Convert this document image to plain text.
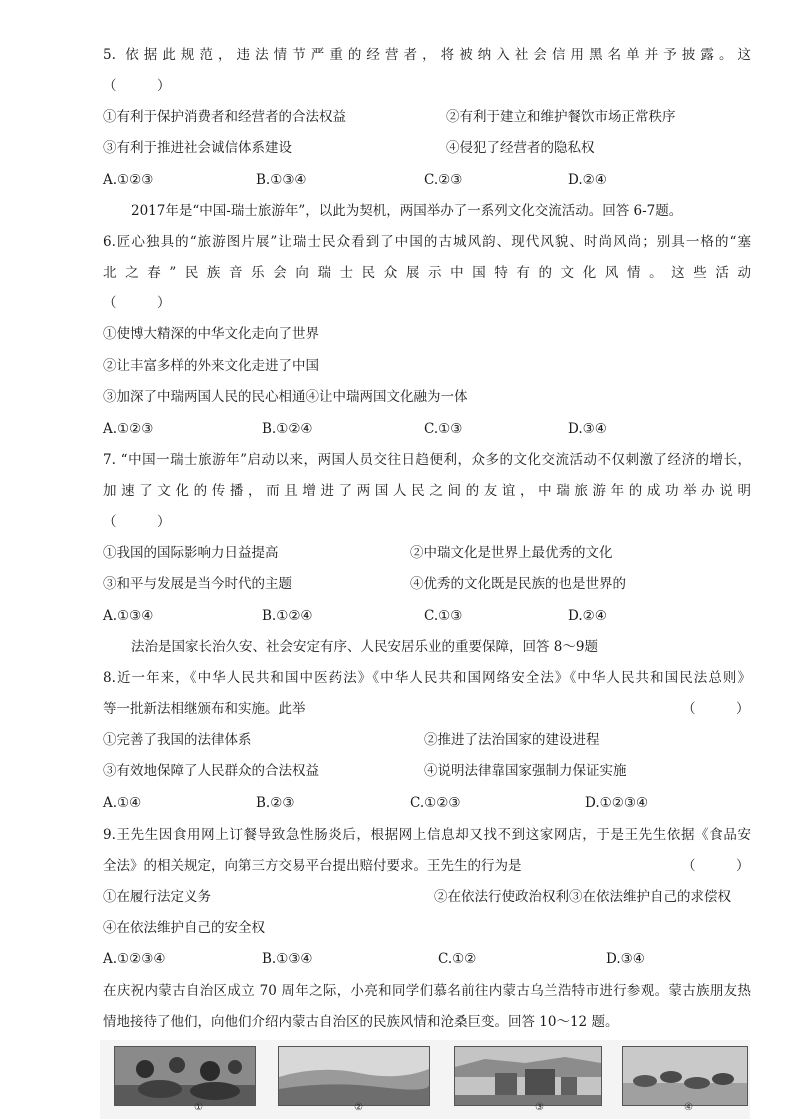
5. 依据此规范，违法情节严重的经营者，将被纳入社会信用黑名单并予披露。这
（　　　）
①有利于保护消费者和经营者的合法权益	②有利于建立和维护餐饮市场正常秩序
③有利于推进社会诚信体系建设	④侵犯了经营者的隐私权
A.①②③	B.①③④	C.②③	D.②④
2017年是“中国-瑞士旅游年”，以此为契机，两国举办了一系列文化交流活动。回答 6-7题。
6.匠心独具的“旅游图片展”让瑞士民众看到了中国的古城风韵、现代风貌、时尚风尚；别具一格的“塞
北之春”民族音乐会向瑞士民众展示中国特有的文化风情。这些活动
（　　　）
①使博大精深的中华文化走向了世界
②让丰富多样的外来文化走进了中国
③加深了中瑞两国人民的民心相通④让中瑞两国文化融为一体
A.①②③	B.①②④	C.①③	D.③④
7. “中国一瑞士旅游年”启动以来，两国人员交往日趋便利，众多的文化交流活动不仅刺激了经济的增长，
加速了文化的传播，而且增进了两国人民之间的友谊，中瑞旅游年的成功举办说明
（　　　）
①我国的国际影响力日益提高	②中瑞文化是世界上最优秀的文化
③和平与发展是当今时代的主题	④优秀的文化既是民族的也是世界的
A.①③④	B.①②④	C.①③	D.②④
法治是国家长治久安、社会安定有序、人民安居乐业的重要保障，回答 8～9题
8.近一年来，《中华人民共和国中医药法》《中华人民共和国网络安全法》《中华人民共和国民法总则》
等一批新法相继颁布和实施。此举	（　　　）
①完善了我国的法律体系	②推进了法治国家的建设进程
③有效地保障了人民群众的合法权益	④说明法律靠国家强制力保证实施
A.①④	B.②③	C.①②③	D.①②③④
9.王先生因食用网上订餐导致急性肠炎后，根据网上信息却又找不到这家网店，于是王先生依据《食品安
全法》的相关规定，向第三方交易平台提出赔付要求。王先生的行为是	（　　　）
①在履行法定义务	②在依法行使政治权利③在依法维护自己的求偿权
④在依法维护自己的安全权
A.①②③④	B.①③④	C.①②	D.③④
在庆祝内蒙古自治区成立 70 周年之际，小亮和同学们慕名前往内蒙古乌兰浩特市进行参观。蒙古族朋友热
情地接待了他们，向他们介绍内蒙古自治区的民族风情和沧桑巨变。回答 10～12 题。
①	②	③	④
